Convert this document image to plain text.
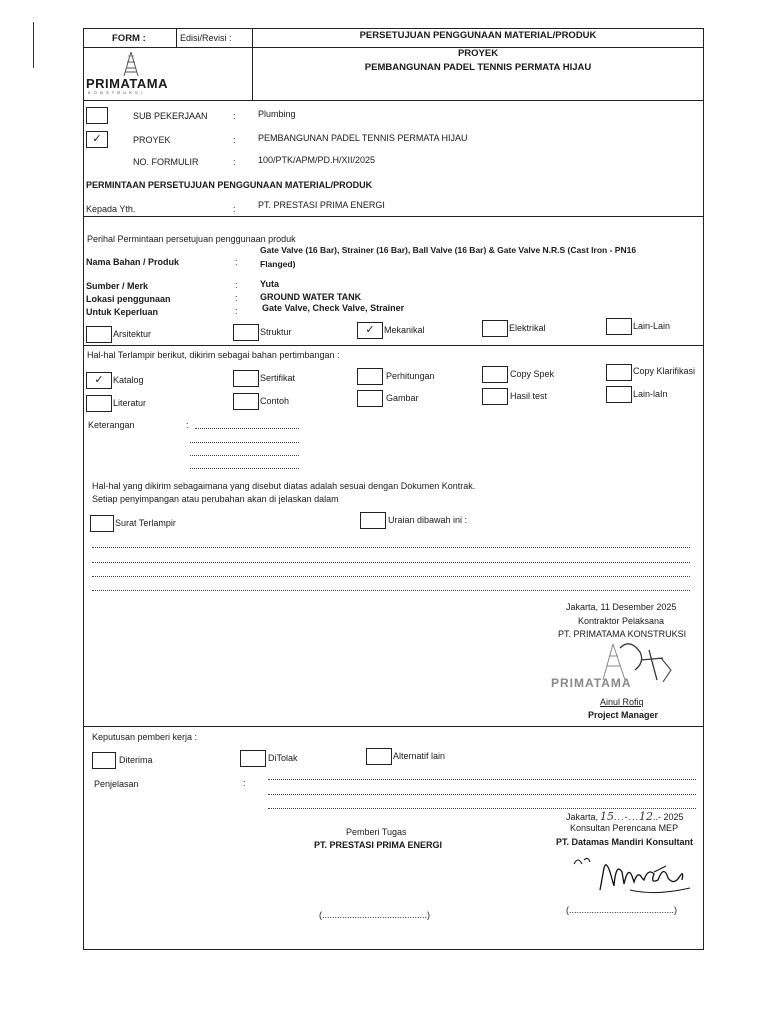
FORM :	Edisi/Revisi :	PERSETUJUAN PENGGUNAAN MATERIAL/PRODUK
PROYEK
PEMBANGUNAN PADEL TENNIS PERMATA HIJAU
PRIMATAMA
K O N S T R U K S I
SUB PEKERJAAN	: Plumbing
✓	PROYEK	: PEMBANGUNAN PADEL TENNIS PERMATA HIJAU
NO. FORMULIR	: 100/PTK/APM/PD.H/XII/2025
PERMINTAAN PERSETUJUAN PENGGUNAAN MATERIAL/PRODUK
Kepada Yth.	: PT. PRESTASI PRIMA ENERGI
Perihal Permintaan persetujuan penggunaan produk
Nama Bahan / Produk	:
Gate Valve (16 Bar), Strainer (16 Bar), Ball Valve (16 Bar) & Gate Valve N.R.S (Cast Iron - PN16
Flanged)
Sumber / Merk	: Yuta
Lokasi penggunaan	: GROUND WATER TANK
Untuk Keperluan	:	Gate Valve, Check Valve, Strainer
Arsitektur	Struktur	✓	Mekanikal	Elektrikal	Lain-Lain
Hal-hal Terlampir berikut, dikirim sebagai bahan pertimbangan :
✓	Katalog	Sertifikat	Perhitungan	Copy Spek	Copy Klarifikasi
Literatur	Contoh	Gambar	Hasil test	Lain-laIn
Keterangan	:
Hal-hal yang dikirim sebagaimana yang disebut diatas adalah sesuai dengan Dokumen Kontrak.
Setiap penyimpangan atau perubahan akan di jelaskan dalam
Surat Terlampir	Uraian dibawah ini :
Jakarta, 11 Desember 2025
Kontraktor Pelaksana
PT. PRIMATAMA KONSTRUKSI
PRIMATAMA
Ainul Rofiq
Project Manager
Keputusan pemberi kerja :
Diterima	DiTolak	Alternatif lain
Penjelasan	:
Pemberi Tugas
PT. PRESTASI PRIMA ENERGI
(..........................................)
Jakarta, 15...-...12..- 2025
Konsultan Perencana MEP
PT. Datamas Mandiri Konsultant
(..........................................)
